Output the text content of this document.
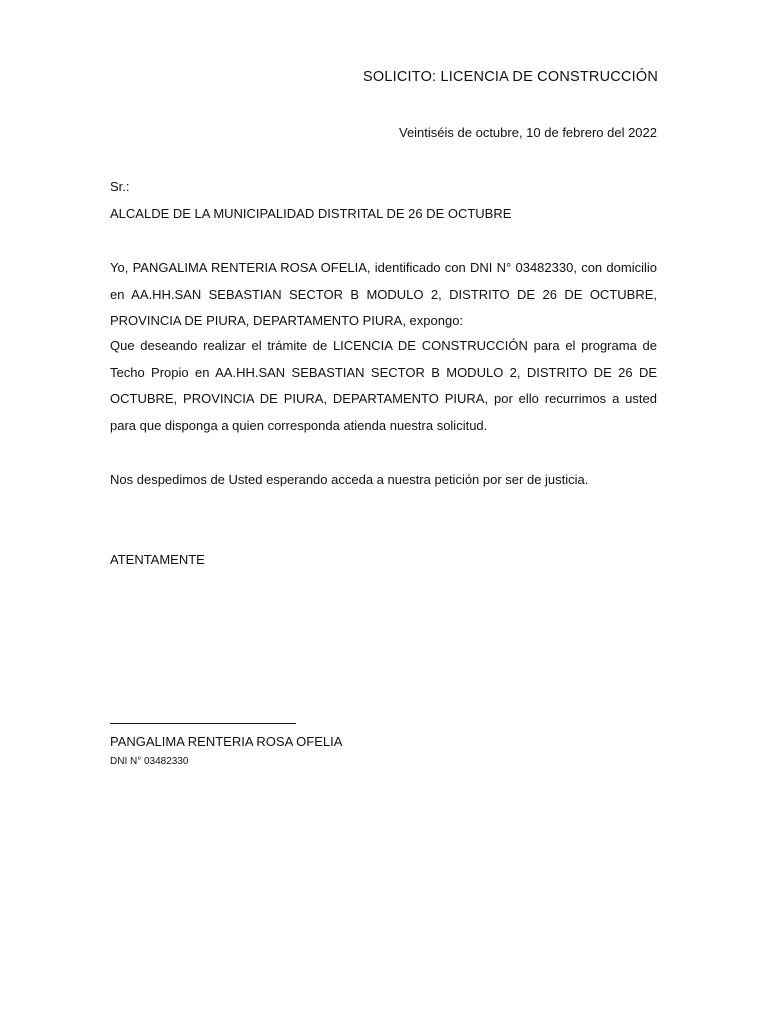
SOLICITO: LICENCIA DE CONSTRUCCIÓN
Veintiséis de octubre, 10 de febrero del 2022
Sr.:
ALCALDE DE LA MUNICIPALIDAD DISTRITAL DE 26 DE OCTUBRE

Yo, PANGALIMA RENTERIA ROSA OFELIA, identificado con DNI N° 03482330, con domicilio en AA.HH.SAN SEBASTIAN SECTOR B MODULO 2, DISTRITO DE 26 DE OCTUBRE, PROVINCIA DE PIURA, DEPARTAMENTO PIURA, expongo:

Que deseando realizar el trámite de LICENCIA DE CONSTRUCCIÓN para el programa de Techo Propio en AA.HH.SAN SEBASTIAN SECTOR B MODULO 2, DISTRITO DE 26 DE OCTUBRE, PROVINCIA DE PIURA, DEPARTAMENTO PIURA, por ello recurrimos a usted para que disponga a quien corresponda atienda nuestra solicitud.

Nos despedimos de Usted esperando acceda a nuestra petición por ser de justicia.
ATENTAMENTE
PANGALIMA RENTERIA ROSA OFELIA
DNI N° 03482330
